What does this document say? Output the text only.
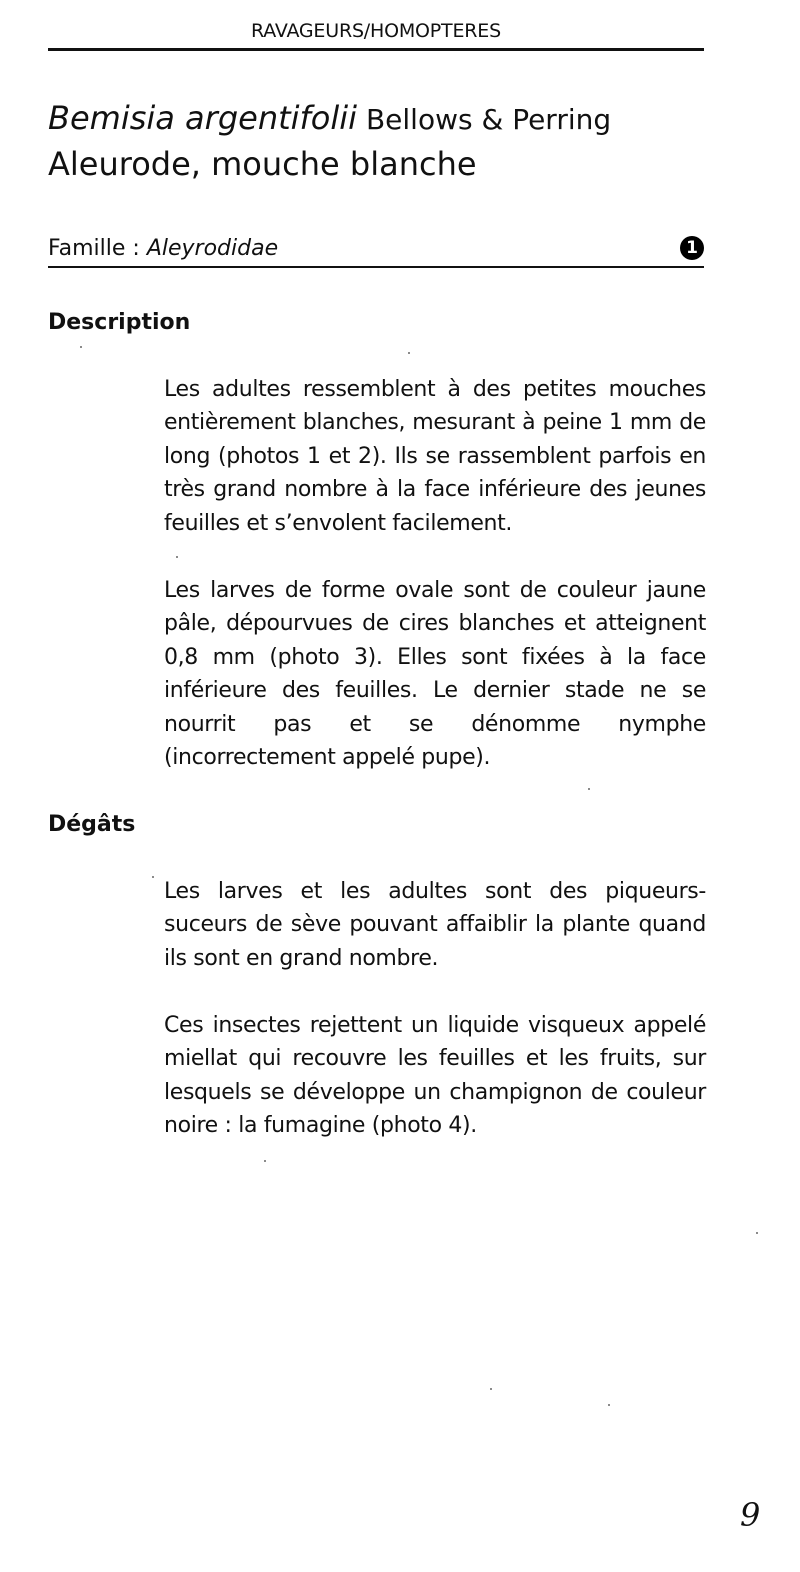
RAVAGEURS/HOMOPTERES
Bemisia argentifolii Bellows & Perring
Aleurode, mouche blanche
Famille : Aleyrodidae	1
Description

Les adultes ressemblent à des petites mouches entièrement blanches, mesurant à peine 1 mm de long (photos 1 et 2). Ils se rassemblent parfois en très grand nombre à la face inférieure des jeunes feuilles et s’envolent facilement.

Les larves de forme ovale sont de couleur jaune pâle, dépourvues de cires blanches et atteignent 0,8 mm (photo 3). Elles sont fixées à la face inférieure des feuilles. Le dernier stade ne se nourrit pas et se dénomme nymphe (incorrectement appelé pupe).

Dégâts

Les larves et les adultes sont des piqueurs-suceurs de sève pouvant affaiblir la plante quand ils sont en grand nombre.

Ces insectes rejettent un liquide visqueux appelé miellat qui recouvre les feuilles et les fruits, sur lesquels se développe un champignon de couleur noire : la fumagine (photo 4).

9
